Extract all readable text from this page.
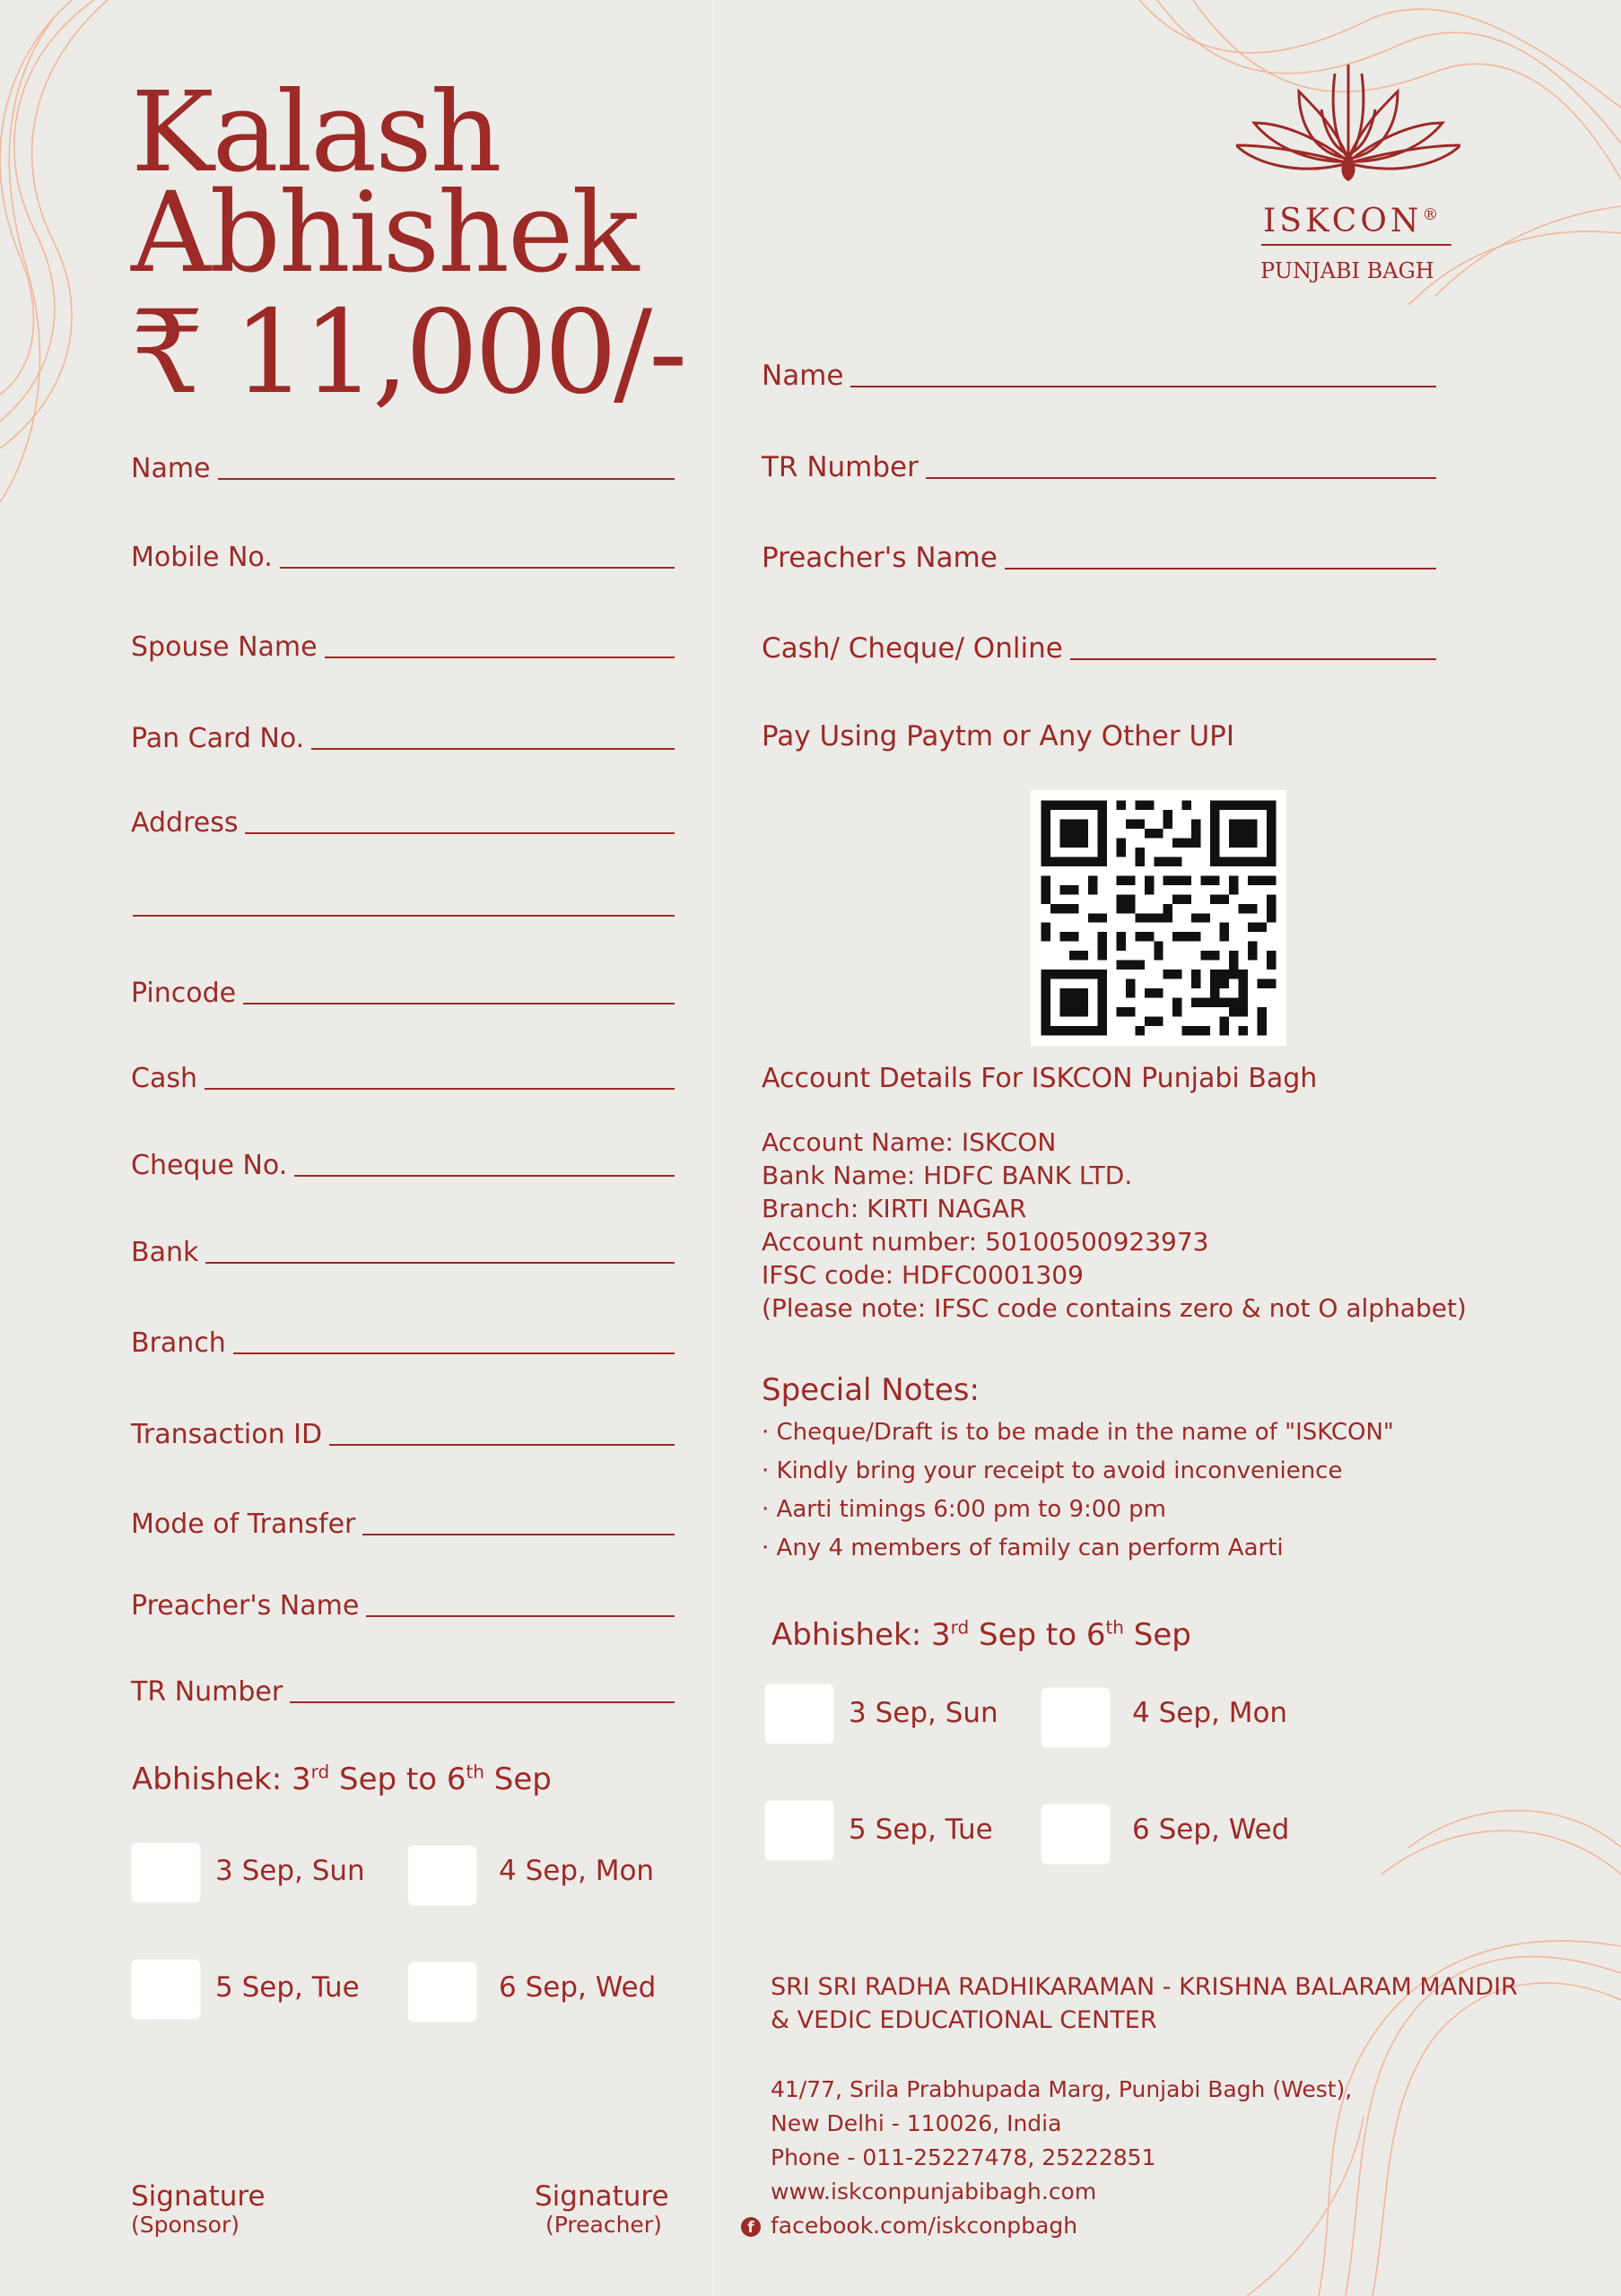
Kalash
Abhishek
₹ 11,000/-
ISKCON®
PUNJABI BAGH
Name
Mobile No.
Spouse Name
Pan Card No.
Address
Pincode
Cash
Cheque No.
Bank
Branch
Transaction ID
Mode of Transfer
Preacher's Name
TR Number
Abhishek: 3rd Sep to 6th Sep
3 Sep, Sun	4 Sep, Mon
5 Sep, Tue	6 Sep, Wed
Signature
(Sponsor)
Signature
(Preacher)
Name
TR Number
Preacher's Name
Cash/ Cheque/ Online
Pay Using Paytm or Any Other UPI
Account Details For ISKCON Punjabi Bagh
Account Name: ISKCON
Bank Name: HDFC BANK LTD.
Branch: KIRTI NAGAR
Account number: 50100500923973
IFSC code: HDFC0001309
(Please note: IFSC code contains zero & not O alphabet)
Special Notes:
· Cheque/Draft is to be made in the name of "ISKCON"
· Kindly bring your receipt to avoid inconvenience
· Aarti timings 6:00 pm to 9:00 pm
· Any 4 members of family can perform Aarti
Abhishek: 3rd Sep to 6th Sep
3 Sep, Sun	4 Sep, Mon
5 Sep, Tue	6 Sep, Wed
SRI SRI RADHA RADHIKARAMAN - KRISHNA BALARAM MANDIR
& VEDIC EDUCATIONAL CENTER
41/77, Srila Prabhupada Marg, Punjabi Bagh (West),
New Delhi - 110026, India
Phone - 011-25227478, 25222851
www.iskconpunjabibagh.com
f facebook.com/iskconpbagh
